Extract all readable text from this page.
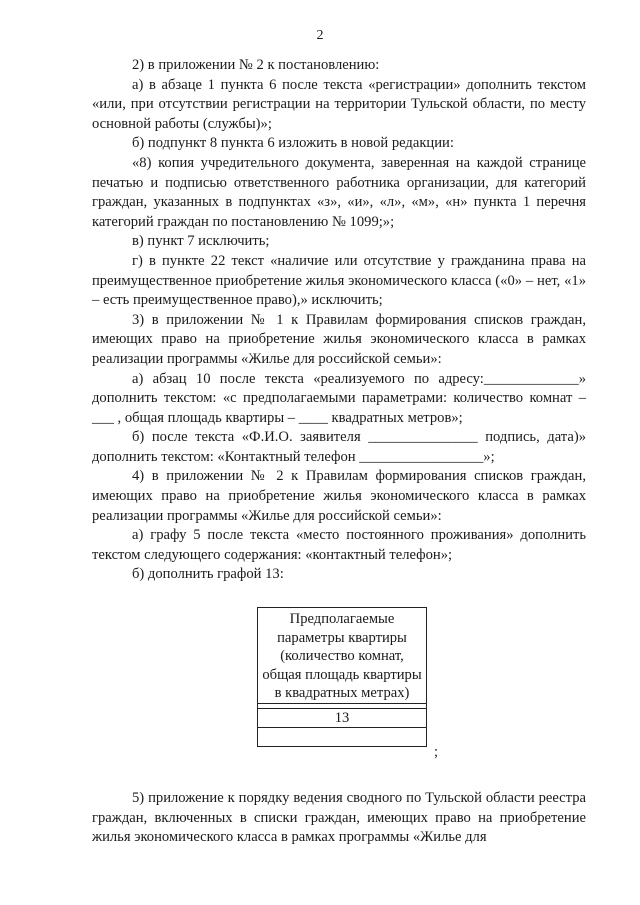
2

2) в приложении № 2 к постановлению:

а) в абзаце 1 пункта 6 после текста «регистрации» дополнить текстом «или, при отсутствии регистрации на территории Тульской области, по месту основной работы (службы)»;

б) подпункт 8 пункта 6 изложить в новой редакции:

«8) копия учредительного документа, заверенная на каждой странице печатью и подписью ответственного работника организации, для категорий граждан, указанных в подпунктах «з», «и», «л», «м», «н» пункта 1 перечня категорий граждан по постановлению № 1099;»;

в) пункт 7 исключить;

г) в пункте 22 текст «наличие или отсутствие у гражданина права на преимущественное приобретение жилья экономического класса («0» – нет, «1» – есть преимущественное право),» исключить;

3) в приложении № 1 к Правилам формирования списков граждан, имеющих право на приобретение жилья экономического класса в рамках реализации программы «Жилье для российской семьи»:

а) абзац 10 после текста «реализуемого по адресу:_____________» дополнить текстом: «с предполагаемыми параметрами: количество комнат – ___ , общая площадь квартиры – ____ квадратных метров»;

б) после текста «Ф.И.О. заявителя _______________ подпись, дата)» дополнить текстом: «Контактный телефон _________________»;

4) в приложении № 2 к Правилам формирования списков граждан, имеющих право на приобретение жилья экономического класса в рамках реализации программы «Жилье для российской семьи»:

а) графу 5 после текста «место постоянного проживания» дополнить текстом следующего содержания: «контактный телефон»;

б) дополнить графой 13:

Предполагаемые параметры квартиры (количество комнат, общая площадь квартиры в квадратных метрах)

13

;

5) приложение к порядку ведения сводного по Тульской области реестра граждан, включенных в списки граждан, имеющих право на приобретение жилья экономического класса в рамках программы «Жилье для
